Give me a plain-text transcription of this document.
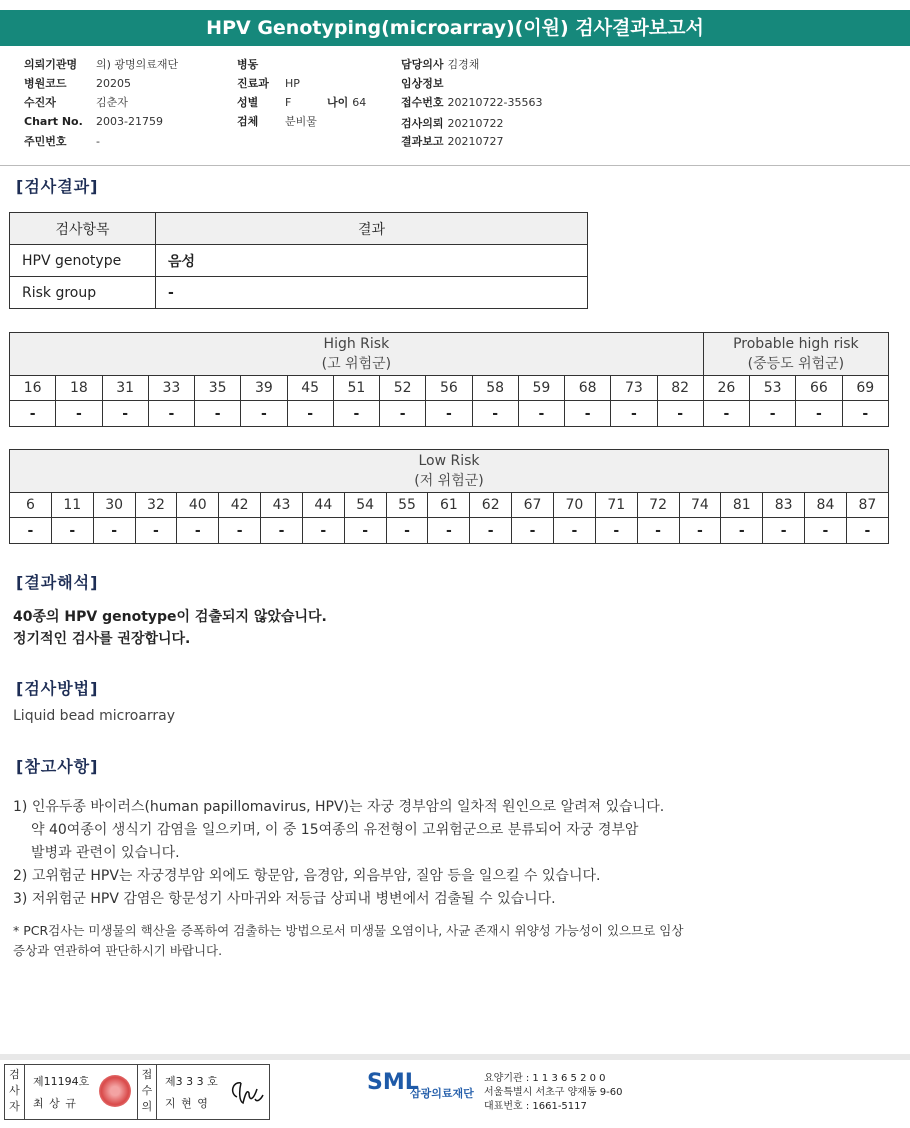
HPV Genotyping(microarray)(이원) 검사결과보고서
의뢰기관명 의) 광명의료재단
병원코드	20205
수진자	김춘자
Chart No. 2003-21759
주민번호	-
병동
진료과 HP
성별 F	나이 64
검체 분비물
담당의사 김경채
임상정보
접수번호 20210722-35563
검사의뢰 20210722
결과보고 20210727
[검사결과]
검사항목	결과
HPV genotype	음성
Risk group	-
High Risk
(고 위험군)															Probable high risk
(중등도 위험군)			
16	18	31	33	35	39	45	51	52	56	58	59	68	73	82	26	53	66	69
-	-	-	-	-	-	-	-	-	-	-	-	-	-	-	-	-	-	-
Low Risk
(저 위험군)																				
6	11	30	32	40	42	43	44	54	55	61	62	67	70	71	72	74	81	83	84	87
-	-	-	-	-	-	-	-	-	-	-	-	-	-	-	-	-	-	-	-	-
[결과해석]
40종의 HPV genotype이 검출되지 않았습니다.
정기적인 검사를 권장합니다.
[검사방법]
Liquid bead microarray
[참고사항]
1) 인유두종 바이러스(human papillomavirus, HPV)는 자궁 경부암의 일차적 원인으로 알려져 있습니다.
약 40여종이 생식기 감염을 일으키며, 이 중 15여종의 유전형이 고위험군으로 분류되어 자궁 경부암
발병과 관련이 있습니다.
2) 고위험군 HPV는 자궁경부암 외에도 항문암, 음경암, 외음부암, 질암 등을 일으킬 수 있습니다.
3) 저위험군 HPV 감염은 항문성기 사마귀와 저등급 상피내 병변에서 검출될 수 있습니다.
* PCR검사는 미생물의 핵산을 증폭하여 검출하는 방법으로서 미생물 오염이나, 사균 존재시 위양성 가능성이 있으므로 임상
증상과 연관하여 판단하시기 바랍니다.
검
사
자
제11194호
최 상 규
접
수
의
제3 3 3 호
지 현 영
SML
삼광의료재단
요양기관 : 1 1 3 6 5 2 0 0
서울특별시 서초구 양재동 9-60
대표번호 : 1661-5117
